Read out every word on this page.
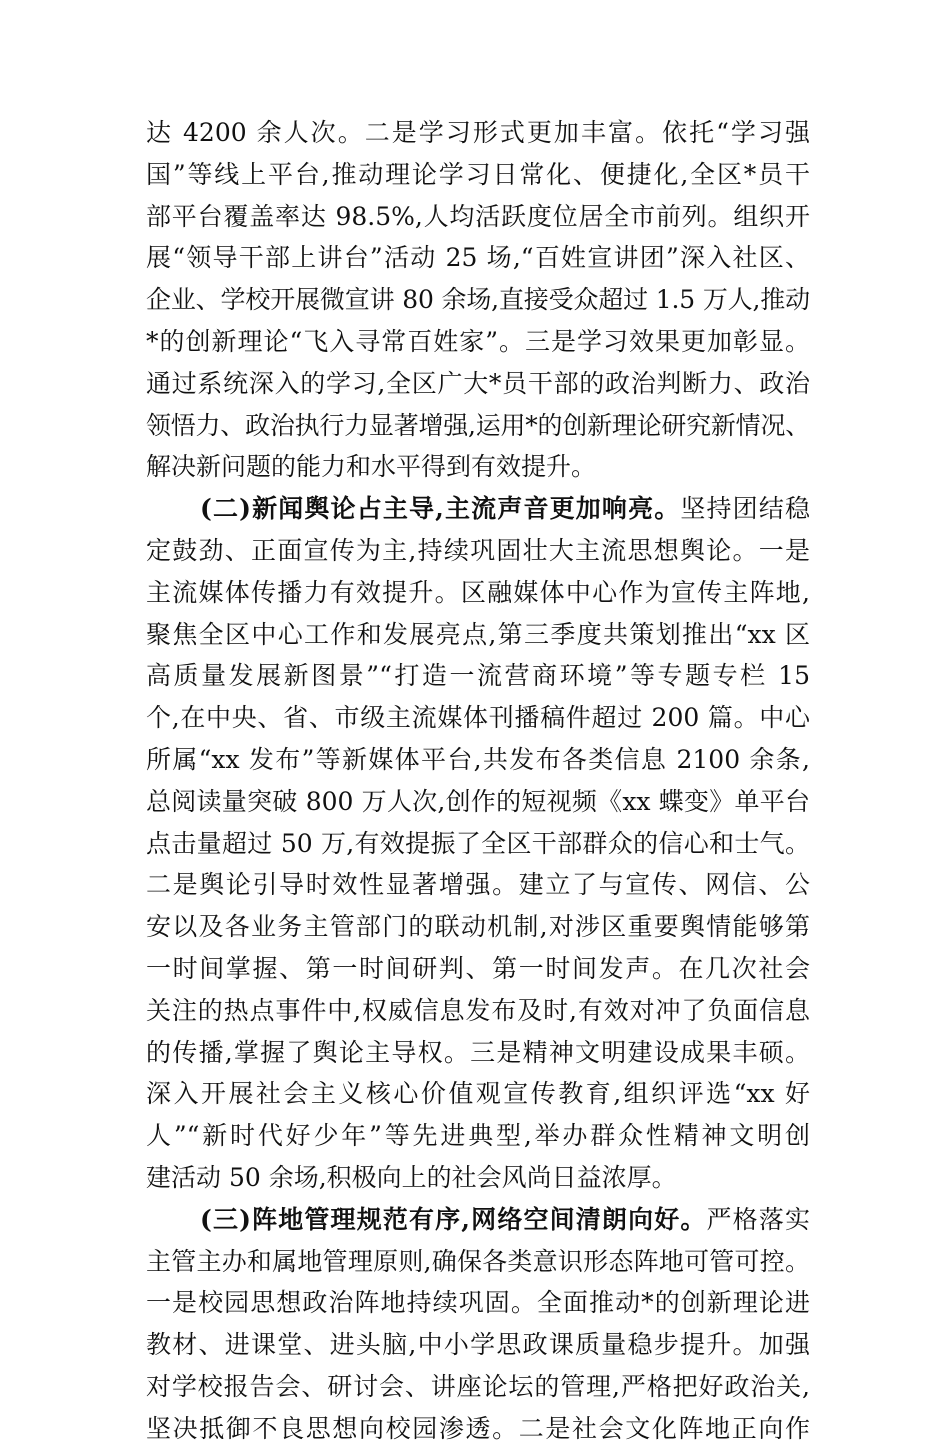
达 4200 余人次。二是学习形式更加丰富。依托“学习强
国”等线上平台,推动理论学习日常化、便捷化,全区*员干
部平台覆盖率达 98.5%,人均活跃度位居全市前列。组织开
展“领导干部上讲台”活动 25 场,“百姓宣讲团”深入社区、
企业、学校开展微宣讲 80 余场,直接受众超过 1.5 万人,推动
*的创新理论“飞入寻常百姓家”。三是学习效果更加彰显。
通过系统深入的学习,全区广大*员干部的政治判断力、政治
领悟力、政治执行力显著增强,运用*的创新理论研究新情况、
解决新问题的能力和水平得到有效提升。
(二)新闻舆论占主导,主流声音更加响亮。坚持团结稳
定鼓劲、正面宣传为主,持续巩固壮大主流思想舆论。一是
主流媒体传播力有效提升。区融媒体中心作为宣传主阵地,
聚焦全区中心工作和发展亮点,第三季度共策划推出“xx 区
高质量发展新图景”“打造一流营商环境”等专题专栏 15
个,在中央、省、市级主流媒体刊播稿件超过 200 篇。中心
所属“xx 发布”等新媒体平台,共发布各类信息 2100 余条,
总阅读量突破 800 万人次,创作的短视频《xx 蝶变》单平台
点击量超过 50 万,有效提振了全区干部群众的信心和士气。
二是舆论引导时效性显著增强。建立了与宣传、网信、公
安以及各业务主管部门的联动机制,对涉区重要舆情能够第
一时间掌握、第一时间研判、第一时间发声。在几次社会
关注的热点事件中,权威信息发布及时,有效对冲了负面信息
的传播,掌握了舆论主导权。三是精神文明建设成果丰硕。
深入开展社会主义核心价值观宣传教育,组织评选“xx 好
人”“新时代好少年”等先进典型,举办群众性精神文明创
建活动 50 余场,积极向上的社会风尚日益浓厚。
(三)阵地管理规范有序,网络空间清朗向好。严格落实
主管主办和属地管理原则,确保各类意识形态阵地可管可控。
一是校园思想政治阵地持续巩固。全面推动*的创新理论进
教材、进课堂、进头脑,中小学思政课质量稳步提升。加强
对学校报告会、研讨会、讲座论坛的管理,严格把好政治关,
坚决抵御不良思想向校园渗透。二是社会文化阵地正向作
